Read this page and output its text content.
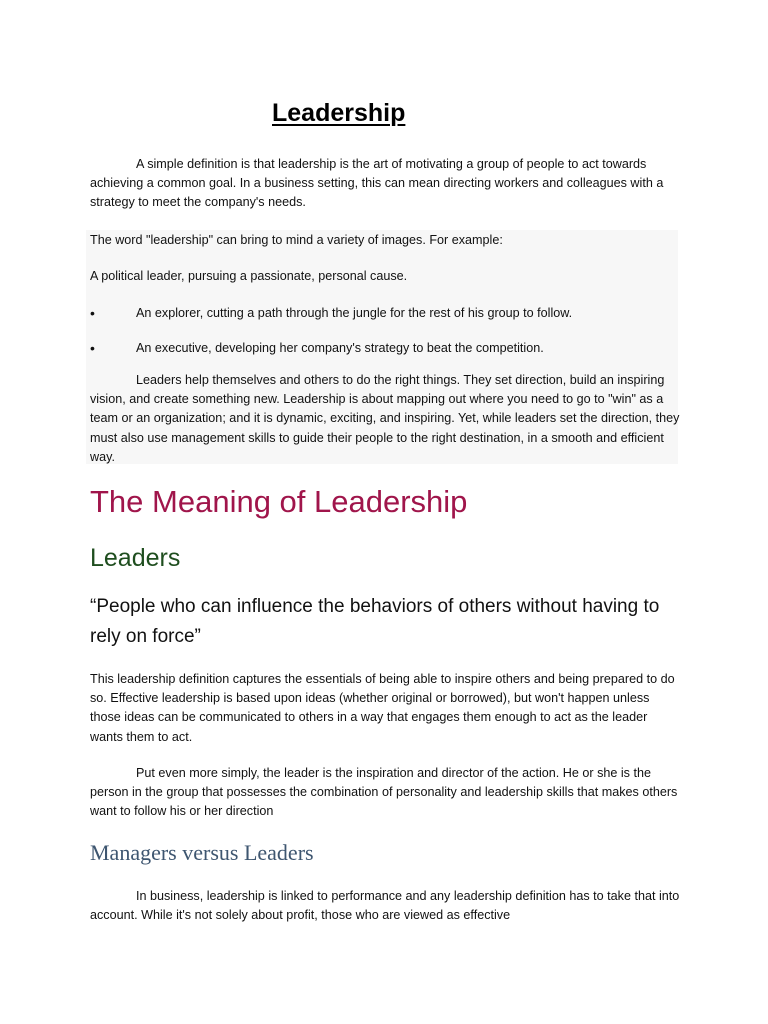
Leadership

A simple definition is that leadership is the art of motivating a group of people to act towards achieving a common goal. In a business setting, this can mean directing workers and colleagues with a strategy to meet the company's needs.

The word "leadership" can bring to mind a variety of images. For example:

A political leader, pursuing a passionate, personal cause.

•	An explorer, cutting a path through the jungle for the rest of his group to follow.
•	An executive, developing her company's strategy to beat the competition.

Leaders help themselves and others to do the right things. They set direction, build an inspiring vision, and create something new. Leadership is about mapping out where you need to go to "win" as a team or an organization; and it is dynamic, exciting, and inspiring. Yet, while leaders set the direction, they must also use management skills to guide their people to the right destination, in a smooth and efficient way.

The Meaning of Leadership
Leaders
“People who can influence the behaviors of others without having to rely on force”

This leadership definition captures the essentials of being able to inspire others and being prepared to do so. Effective leadership is based upon ideas (whether original or borrowed), but won't happen unless those ideas can be communicated to others in a way that engages them enough to act as the leader wants them to act.

Put even more simply, the leader is the inspiration and director of the action. He or she is the person in the group that possesses the combination of personality and leadership skills that makes others want to follow his or her direction

Managers versus Leaders

In business, leadership is linked to performance and any leadership definition has to take that into account. While it's not solely about profit, those who are viewed as effective
